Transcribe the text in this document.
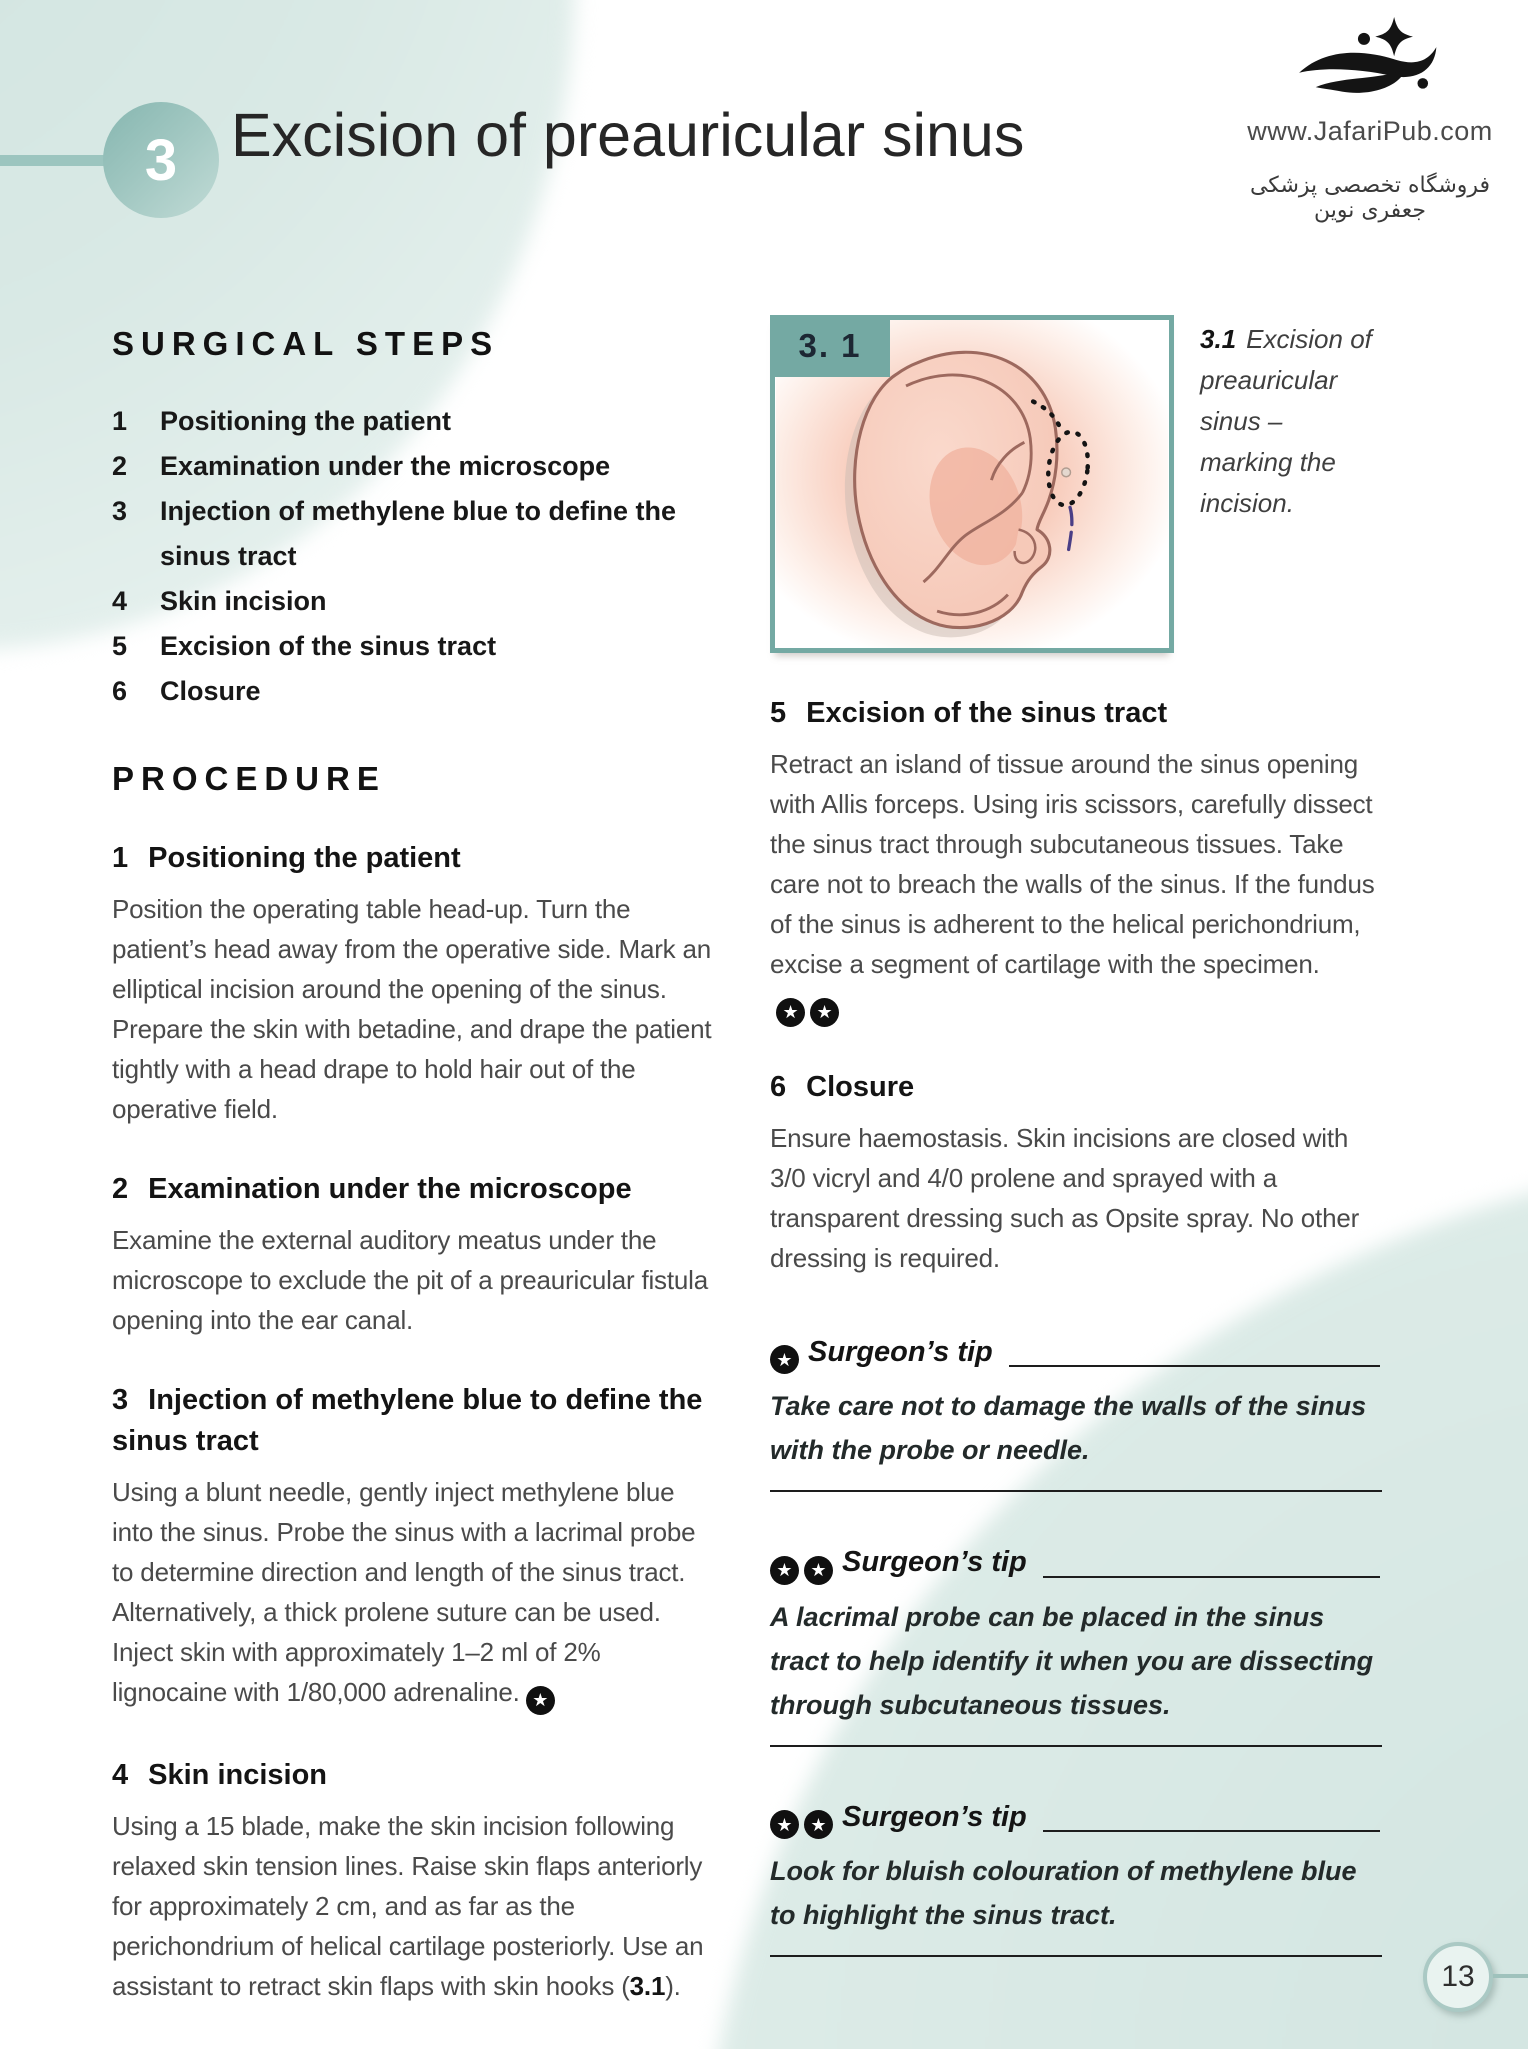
3 Excision of preauricular sinus	www.JafariPub.com
فروشگاه تخصصی پزشکی جعفری نوین
SURGICAL STEPS
1	Positioning the patient
2	Examination under the microscope
3	Injection of methylene blue to define the sinus tract
4	Skin incision
5	Excision of the sinus tract
6	Closure
PROCEDURE
1 Positioning the patient

Position the operating table head-up. Turn the patient’s head away from the operative side. Mark an elliptical incision around the opening of the sinus. Prepare the skin with betadine, and drape the patient tightly with a head drape to hold hair out of the operative field.

2 Examination under the microscope

Examine the external auditory meatus under the microscope to exclude the pit of a preauricular fistula opening into the ear canal.

3 Injection of methylene blue to define the sinus tract

Using a blunt needle, gently inject methylene blue into the sinus. Probe the sinus with a lacrimal probe to determine direction and length of the sinus tract. Alternatively, a thick prolene suture can be used. Inject skin with approximately 1–2 ml of 2% lignocaine with 1/80,000 adrenaline. ★

4 Skin incision

Using a 15 blade, make the skin incision following relaxed skin tension lines. Raise skin flaps anteriorly for approximately 2 cm, and as far as the perichondrium of helical cartilage posteriorly. Use an assistant to retract skin flaps with skin hooks (3.1).

3. 1	3.1 Excision of preauricular sinus – marking the incision.

5 Excision of the sinus tract

Retract an island of tissue around the sinus opening with Allis forceps. Using iris scissors, carefully dissect the sinus tract through subcutaneous tissues. Take care not to breach the walls of the sinus. If the fundus of the sinus is adherent to the helical perichondrium, excise a segment of cartilage with the specimen.★ ★

6 Closure

Ensure haemostasis. Skin incisions are closed with 3/0 vicryl and 4/0 prolene and sprayed with a transparent dressing such as Opsite spray. No other dressing is required.

★ Surgeon’s tip

Take care not to damage the walls of the sinus with the probe or needle.

★ ★ Surgeon’s tip

A lacrimal probe can be placed in the sinus tract to help identify it when you are dissecting through subcutaneous tissues.

★ ★ Surgeon’s tip

Look for bluish colouration of methylene blue to highlight the sinus tract.

13
